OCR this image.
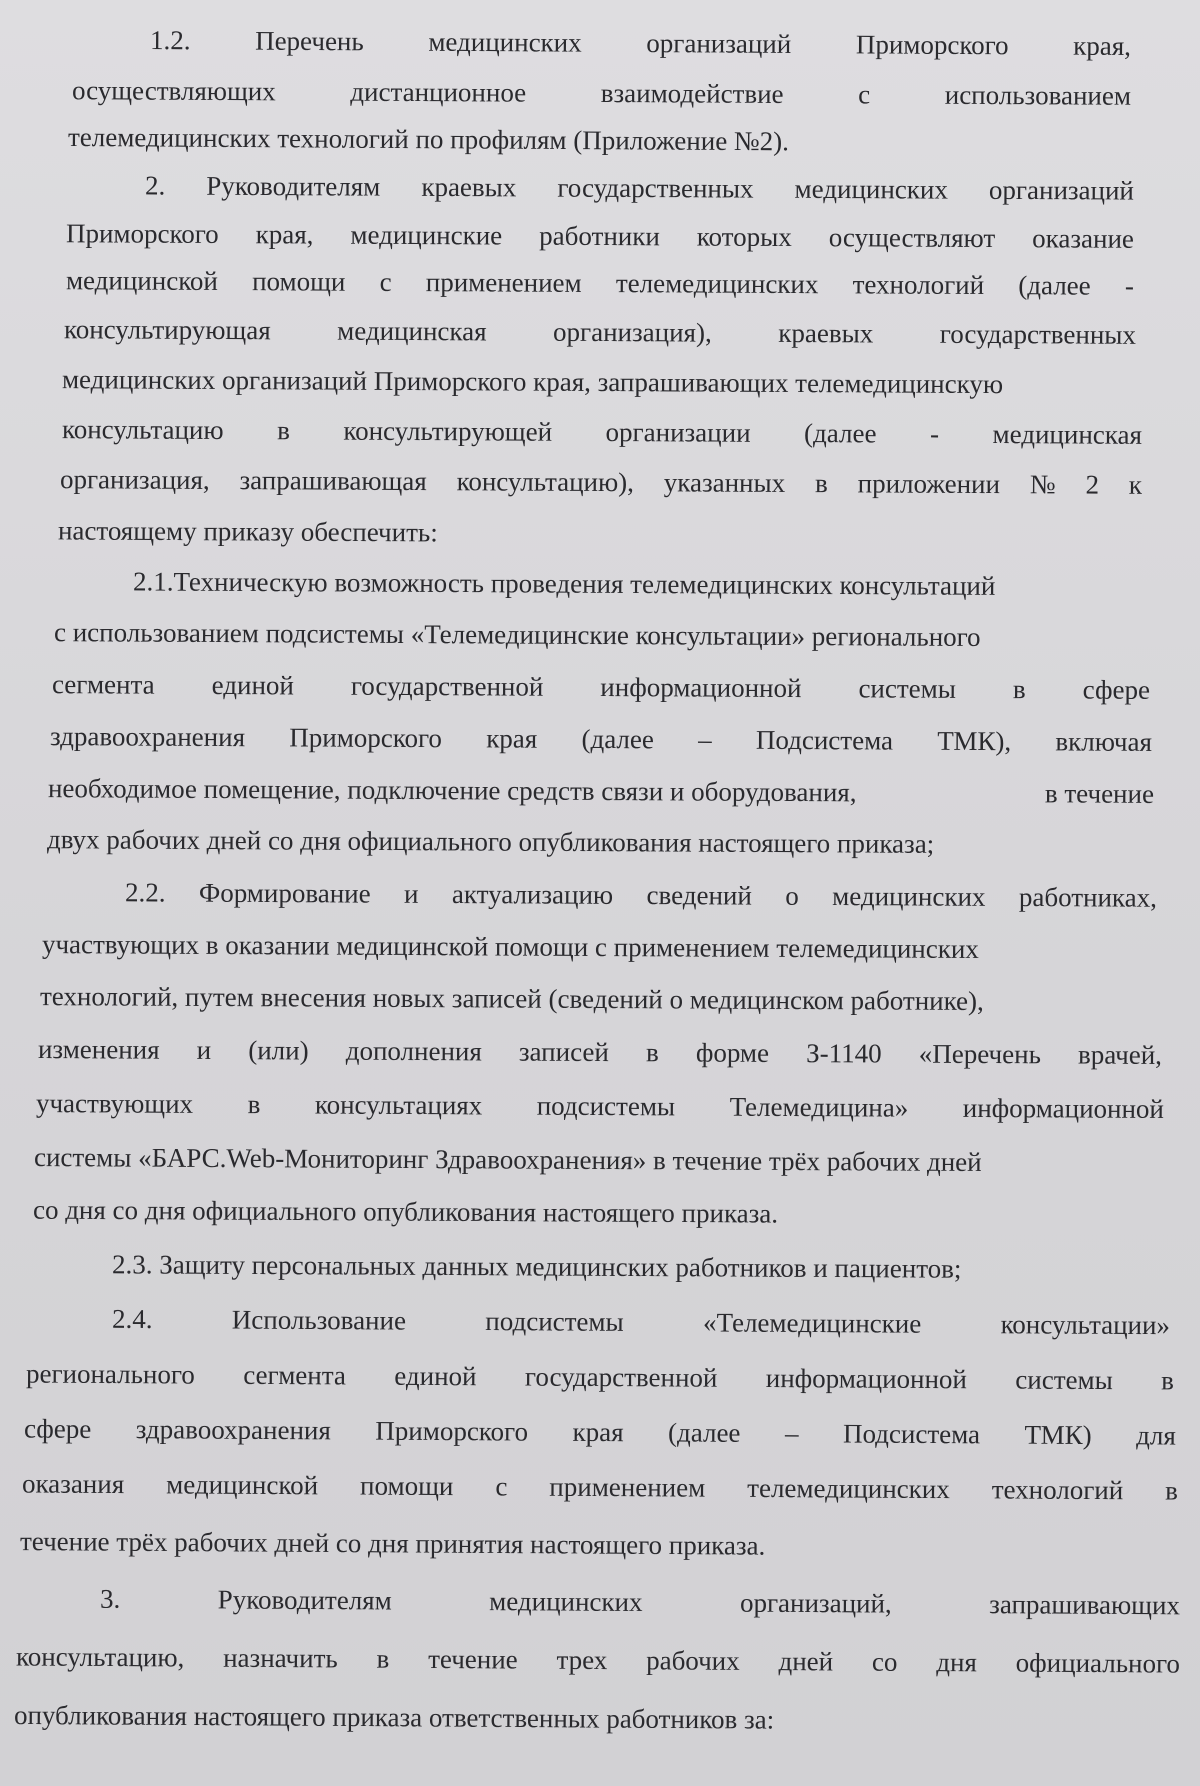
1.2. Перечень медицинских организаций Приморского края,
осуществляющих	дистанционное	взаимодействие	с	использованием
телемедицинских технологий по профилям (Приложение №2).
2. Руководителям краевых государственных медицинских организаций
Приморского края, медицинские работники которых осуществляют оказание
медицинской помощи с применением телемедицинских технологий (далее -
консультирующая медицинская организация), краевых государственных
медицинских организаций Приморского края, запрашивающих телемедицинскую
консультацию в консультирующей организации (далее - медицинская
организация, запрашивающая консультацию), указанных в приложении № 2 к
настоящему приказу обеспечить:
2.1.Техническую возможность проведения телемедицинских консультаций
с использованием подсистемы «Телемедицинские консультации» регионального
сегмента единой государственной информационной системы в сфере
здравоохранения Приморского края (далее – Подсистема ТМК), включая
необходимое помещение, подключение средств связи и оборудования,	в течение
двух рабочих дней со дня официального опубликования настоящего приказа;
2.2. Формирование и актуализацию сведений о медицинских работниках,
участвующих в оказании медицинской помощи с применением телемедицинских
технологий, путем внесения новых записей (сведений о медицинском работнике),
изменения и (или) дополнения записей в форме З-1140 «Перечень врачей,
участвующих в консультациях подсистемы Телемедицина» информационной
системы «БАРС.Web-Мониторинг Здравоохранения» в течение трёх рабочих дней
со дня со дня официального опубликования настоящего приказа.
2.3. Защиту персональных данных медицинских работников и пациентов;
2.4.	Использование	подсистемы	«Телемедицинские	консультации»
регионального сегмента единой государственной информационной системы в
сфере здравоохранения Приморского края (далее – Подсистема ТМК) для
оказания медицинской помощи с применением телемедицинских технологий в
течение трёх рабочих дней со дня принятия настоящего приказа.
3.	Руководителям	медицинских	организаций,	запрашивающих
консультацию, назначить в течение трех рабочих дней со дня официального
опубликования настоящего приказа ответственных работников за:
